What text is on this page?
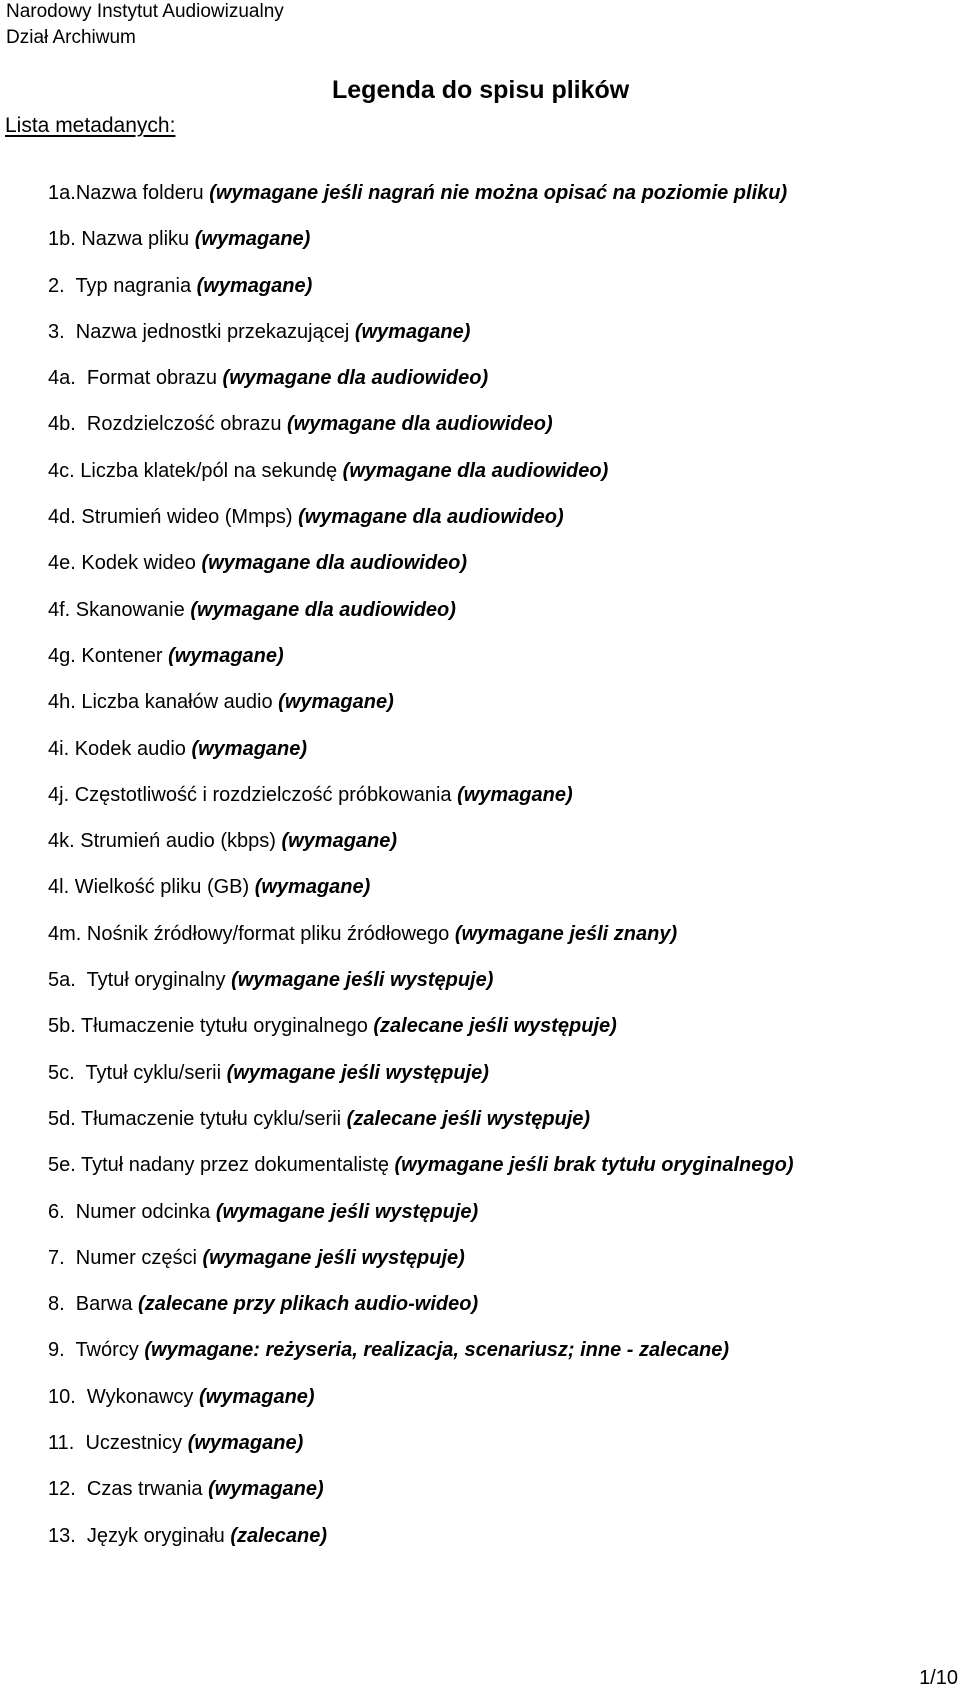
Narodowy Instytut Audiowizualny
Dział Archiwum
Legenda do spisu plików
Lista metadanych:
1a.Nazwa folderu (wymagane jeśli nagrań nie można opisać na poziomie pliku)
1b. Nazwa pliku (wymagane)
2.  Typ nagrania (wymagane)
3.  Nazwa jednostki przekazującej (wymagane)
4a.  Format obrazu (wymagane dla audiowideo)
4b.  Rozdzielczość obrazu (wymagane dla audiowideo)
4c. Liczba klatek/pól na sekundę (wymagane dla audiowideo)
4d. Strumień wideo (Mmps) (wymagane dla audiowideo)
4e. Kodek wideo (wymagane dla audiowideo)
4f. Skanowanie (wymagane dla audiowideo)
4g. Kontener (wymagane)
4h. Liczba kanałów audio (wymagane)
4i. Kodek audio (wymagane)
4j. Częstotliwość i rozdzielczość próbkowania (wymagane)
4k. Strumień audio (kbps) (wymagane)
4l. Wielkość pliku (GB) (wymagane)
4m. Nośnik źródłowy/format pliku źródłowego (wymagane jeśli znany)
5a.  Tytuł oryginalny (wymagane jeśli występuje)
5b. Tłumaczenie tytułu oryginalnego (zalecane jeśli występuje)
5c.  Tytuł cyklu/serii (wymagane jeśli występuje)
5d. Tłumaczenie tytułu cyklu/serii (zalecane jeśli występuje)
5e. Tytuł nadany przez dokumentalistę (wymagane jeśli brak tytułu oryginalnego)
6.  Numer odcinka (wymagane jeśli występuje)
7.  Numer części (wymagane jeśli występuje)
8.  Barwa (zalecane przy plikach audio-wideo)
9.  Twórcy (wymagane: reżyseria, realizacja, scenariusz; inne - zalecane)
10.  Wykonawcy (wymagane)
11.  Uczestnicy (wymagane)
12.  Czas trwania (wymagane)
13.  Język oryginału (zalecane)
1/10
